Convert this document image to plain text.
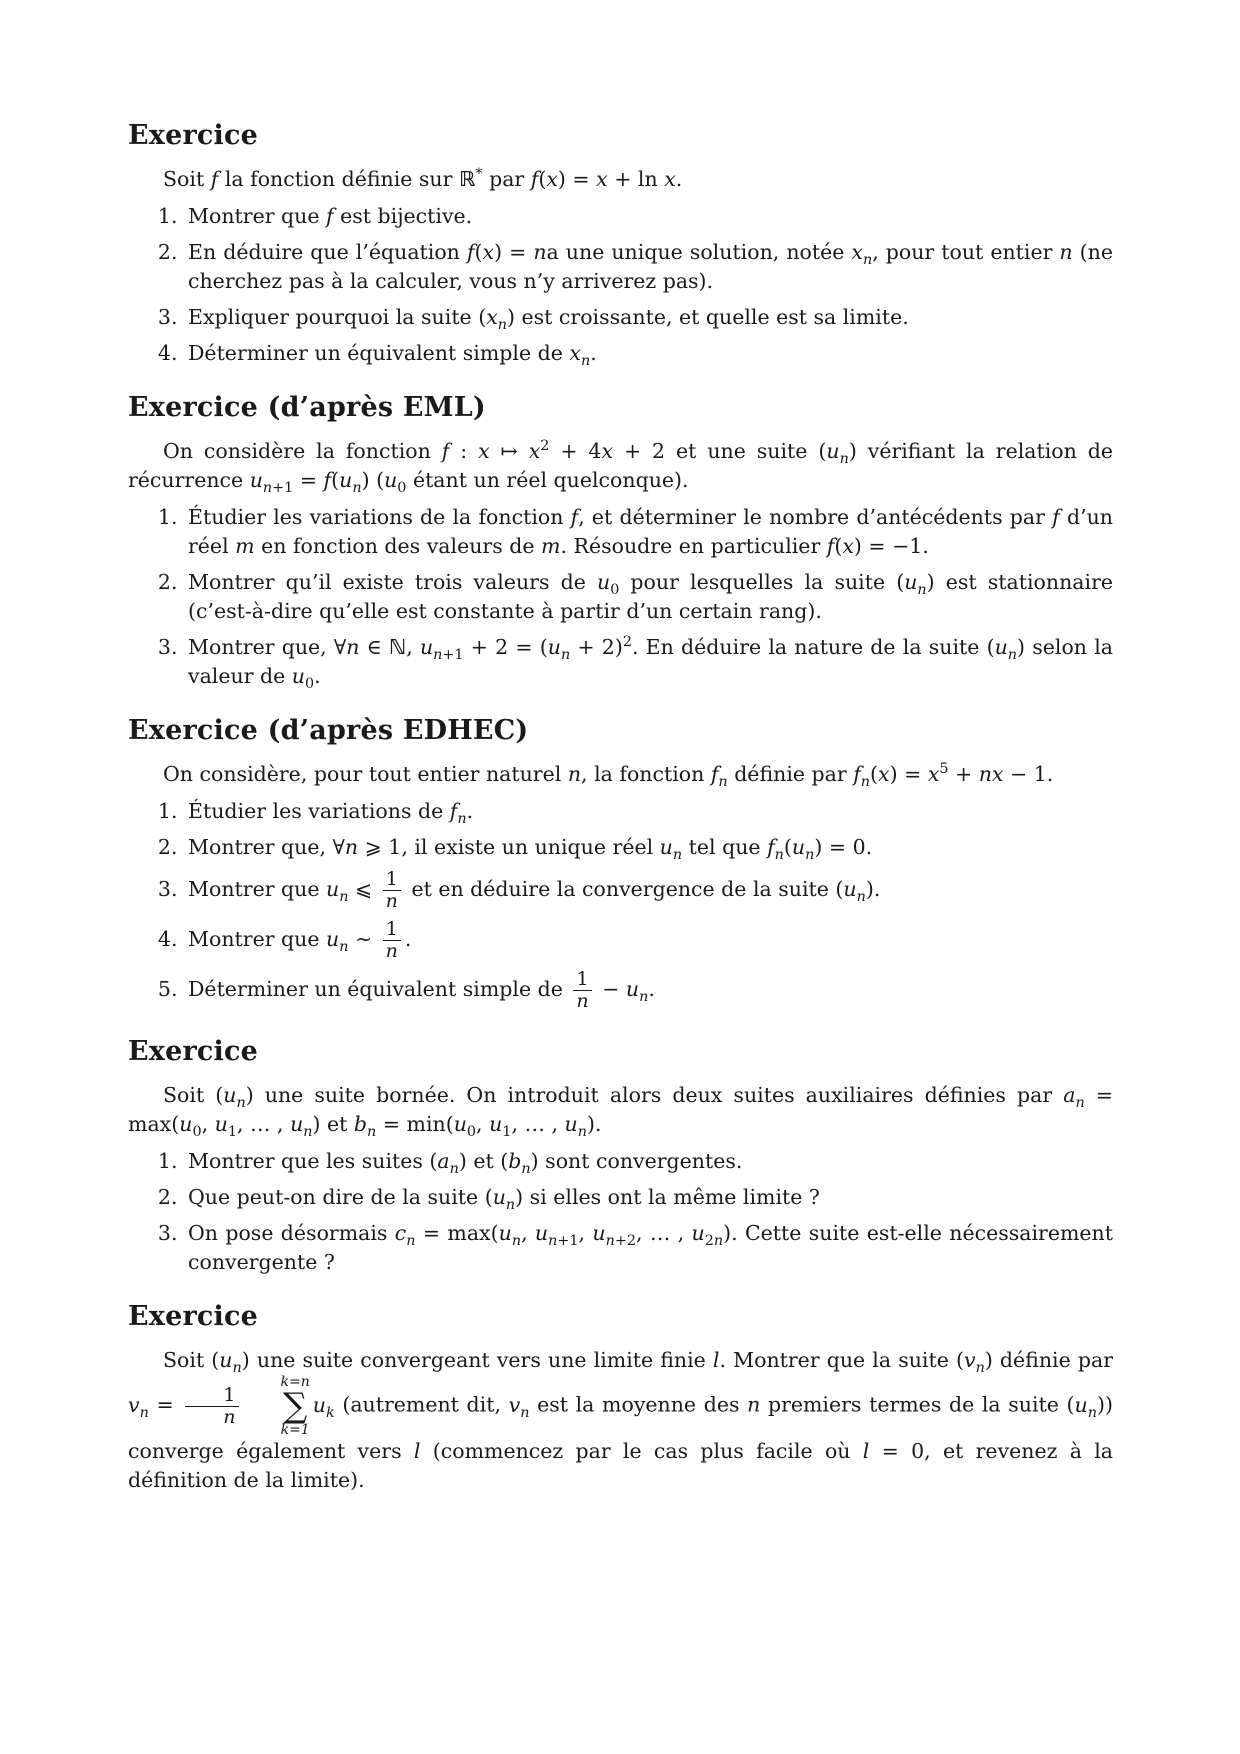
Exercice

Soit f la fonction définie sur ℝ* par f(x) = x + ln x.

1. Montrer que f est bijective.
2. En déduire que l’équation f(x) = na une unique solution, notée $x_n$, pour tout entier n (ne cherchez pas à la calculer, vous n’y arriverez pas).
3. Expliquer pourquoi la suite $(x_n)$ est croissante, et quelle est sa limite.
4. Déterminer un équivalent simple de $x_n$.
Exercice (d’après EML)

On considère la fonction f : x ↦ $x^2 + 4x + 2$ et une suite $(u_n)$ vérifiant la relation de récurrence $u_{n+1} = f(u_n)$ ($u_0$ étant un réel quelconque).

1. Étudier les variations de la fonction f, et déterminer le nombre d’antécédents par f d’un réel m en fonction des valeurs de m. Résoudre en particulier f(x) = −1.
2. Montrer qu’il existe trois valeurs de $u_0$ pour lesquelles la suite $(u_n)$ est stationnaire (c’est-à-dire qu’elle est constante à partir d’un certain rang).
3. Montrer que, ∀n ∈ ℕ, $u_{n+1} + 2 = (u_n + 2)^2$. En déduire la nature de la suite $(u_n)$ selon la valeur de $u_0$.
Exercice (d’après EDHEC)

On considère, pour tout entier naturel n, la fonction $f_n$ définie par $f_n(x) = x^5$ + nx − 1.

1. Étudier les variations de $f_n$.
2. Montrer que, ∀n ⩾ 1, il existe un unique réel $u_n$ tel que $f_n(u_n) = 0$.
3. Montrer que $u_n$ ⩽ $\frac{1}{n}$ et en déduire la convergence de la suite $(u_n)$.
4. Montrer que $u_n$ ∼ $\frac{1}{n}$ .
5. Déterminer un équivalent simple de $\frac{1}{n} - u_n$.
Exercice

Soit $(u_n)$ une suite bornée. On introduit alors deux suites auxiliaires définies par $a_n = \max(u_0$, $u_1$, … , $u_n$) et $b_n = \min(u_0$, $u_1$, … , $u_n$).

1. Montrer que les suites $(a_n)$ et $(b_n)$ sont convergentes.
2. Que peut-on dire de la suite $(u_n)$ si elles ont la même limite ?
3. On pose désormais $c_n = \max(u_n$, $u_{n+1}$, $u_{n+2}$, … , $u_{2n}$). Cette suite est-elle nécessairement convergente ?
Exercice

Soit $(u_n)$ une suite convergeant vers une limite finie l. Montrer que la suite $(v_n)$ définie par $v_n = \frac{1}{n}$
k=n
∑
k=1
$u_k$ (autrement dit, $v_n$ est la moyenne des n premiers termes de la suite $(u_n)$) converge également vers l (commencez par le cas plus facile où l = 0, et revenez à la définition de la limite).
